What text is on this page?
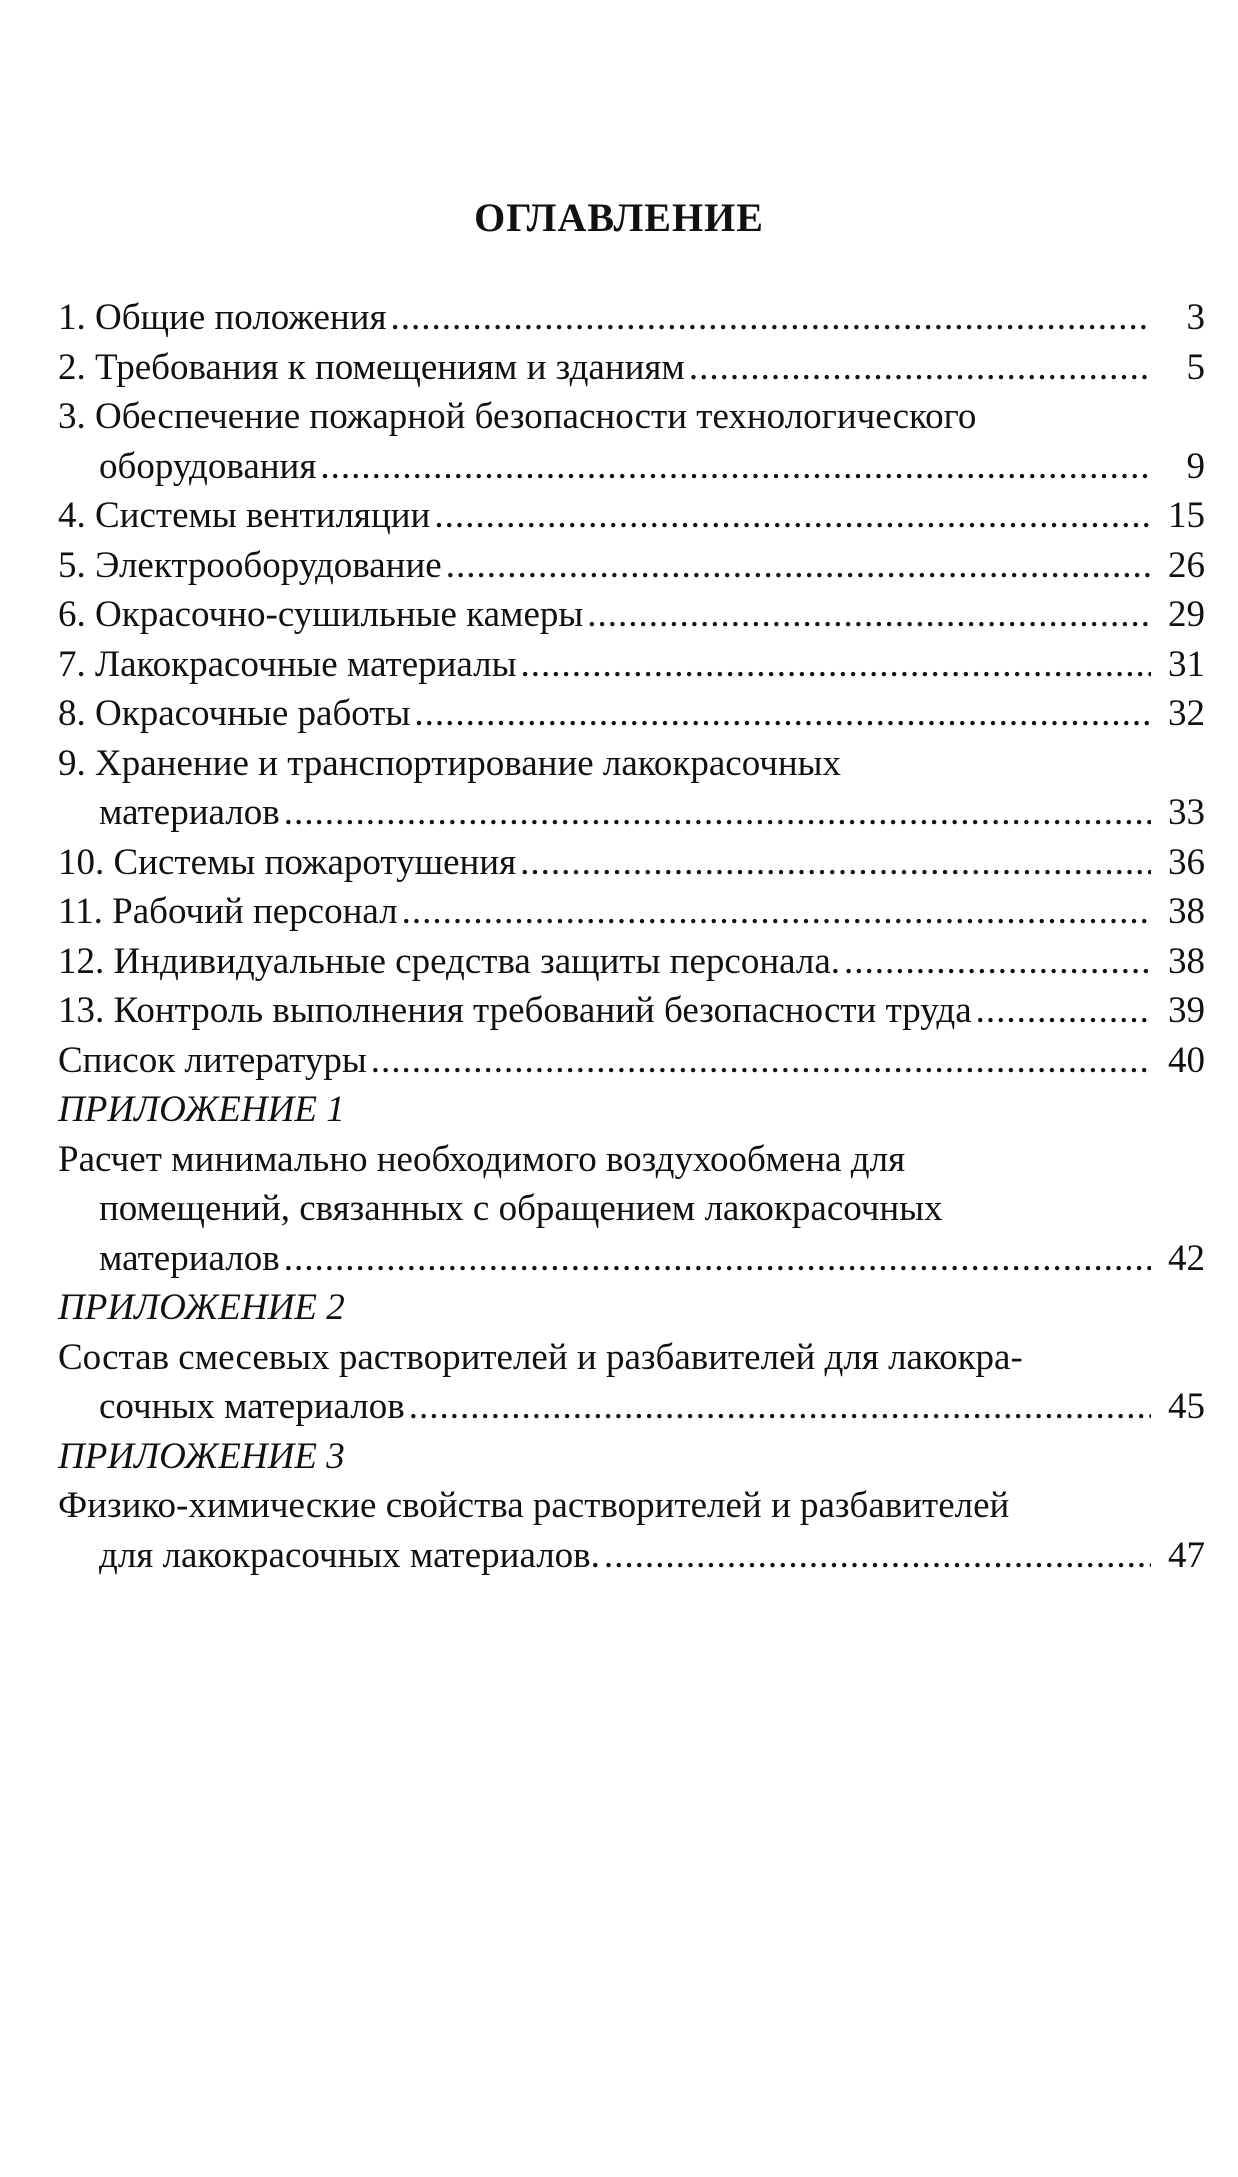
ОГЛАВЛЕНИЕ
1. Общие положения .....	3
2. Требования к помещениям и зданиям .....	5
3. Обеспечение пожарной безопасности технологического
оборудования .....	9
4. Системы вентиляции .....	15
5. Электрооборудование .....	26
6. Окрасочно-сушильные камеры .....	29
7. Лакокрасочные материалы .....	31
8. Окрасочные работы .....	32
9. Хранение и транспортирование лакокрасочных
материалов .....	33
10. Системы пожаротушения .....	36
11. Рабочий персонал .....	38
12. Индивидуальные средства защиты персонала. .....	38
13. Контроль выполнения требований безопасности труда .....	39
Список литературы .....	40
ПРИЛОЖЕНИЕ 1
Расчет минимально необходимого воздухообмена для
помещений, связанных с обращением лакокрасочных
материалов .....	42
ПРИЛОЖЕНИЕ 2
Состав смесевых растворителей и разбавителей для лакокра-
сочных материалов .....	45
ПРИЛОЖЕНИЕ 3
Физико-химические свойства растворителей и разбавителей
для лакокрасочных материалов. .....	47
